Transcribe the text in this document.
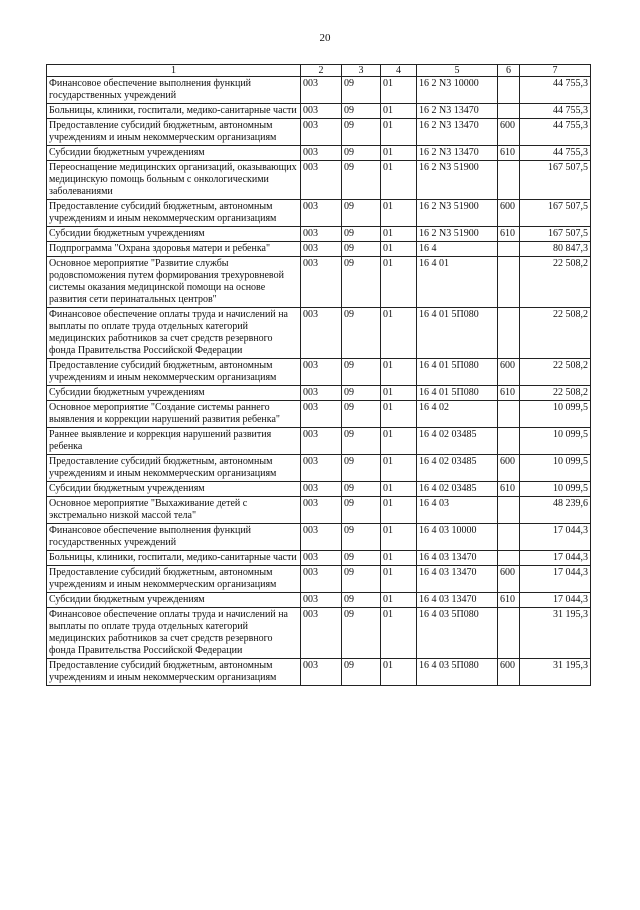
20
1	2	3	4	5	6	7
Финансовое обеспечение выполнения функций государственных учреждений	003	09	01	16 2 N3 10000		44 755,3
Больницы, клиники, госпитали, медико-санитарные части	003	09	01	16 2 N3 13470		44 755,3
Предоставление субсидий бюджетным, автономным учреждениям и иным некоммерческим организациям	003	09	01	16 2 N3 13470	600	44 755,3
Субсидии бюджетным учреждениям	003	09	01	16 2 N3 13470	610	44 755,3
Переоснащение медицинских организаций, оказывающих медицинскую помощь больным с онкологическими заболеваниями	003	09	01	16 2 N3 51900		167 507,5
Предоставление субсидий бюджетным, автономным учреждениям и иным некоммерческим организациям	003	09	01	16 2 N3 51900	600	167 507,5
Субсидии бюджетным учреждениям	003	09	01	16 2 N3 51900	610	167 507,5
Подпрограмма "Охрана здоровья матери и ребенка"	003	09	01	16 4		80 847,3
Основное мероприятие "Развитие службы родовспоможения путем формирования трехуровневой системы оказания медицинской помощи на основе развития сети перинатальных центров"	003	09	01	16 4 01		22 508,2
Финансовое обеспечение оплаты труда и начислений на выплаты по оплате труда отдельных категорий медицинских работников за счет средств резервного фонда Правительства Российской Федерации	003	09	01	16 4 01 5П080		22 508,2
Предоставление субсидий бюджетным, автономным учреждениям и иным некоммерческим организациям	003	09	01	16 4 01 5П080	600	22 508,2
Субсидии бюджетным учреждениям	003	09	01	16 4 01 5П080	610	22 508,2
Основное мероприятие "Создание системы раннего выявления и коррекции нарушений развития ребенка"	003	09	01	16 4 02		10 099,5
Раннее выявление и коррекция нарушений развития ребенка	003	09	01	16 4 02 03485		10 099,5
Предоставление субсидий бюджетным, автономным учреждениям и иным некоммерческим организациям	003	09	01	16 4 02 03485	600	10 099,5
Субсидии бюджетным учреждениям	003	09	01	16 4 02 03485	610	10 099,5
Основное мероприятие "Выхаживание детей с экстремально низкой массой тела"	003	09	01	16 4 03		48 239,6
Финансовое обеспечение выполнения функций государственных учреждений	003	09	01	16 4 03 10000		17 044,3
Больницы, клиники, госпитали, медико-санитарные части	003	09	01	16 4 03 13470		17 044,3
Предоставление субсидий бюджетным, автономным учреждениям и иным некоммерческим организациям	003	09	01	16 4 03 13470	600	17 044,3
Субсидии бюджетным учреждениям	003	09	01	16 4 03 13470	610	17 044,3
Финансовое обеспечение оплаты труда и начислений на выплаты по оплате труда отдельных категорий медицинских работников за счет средств резервного фонда Правительства Российской Федерации	003	09	01	16 4 03 5П080		31 195,3
Предоставление субсидий бюджетным, автономным учреждениям и иным некоммерческим организациям	003	09	01	16 4 03 5П080	600	31 195,3
